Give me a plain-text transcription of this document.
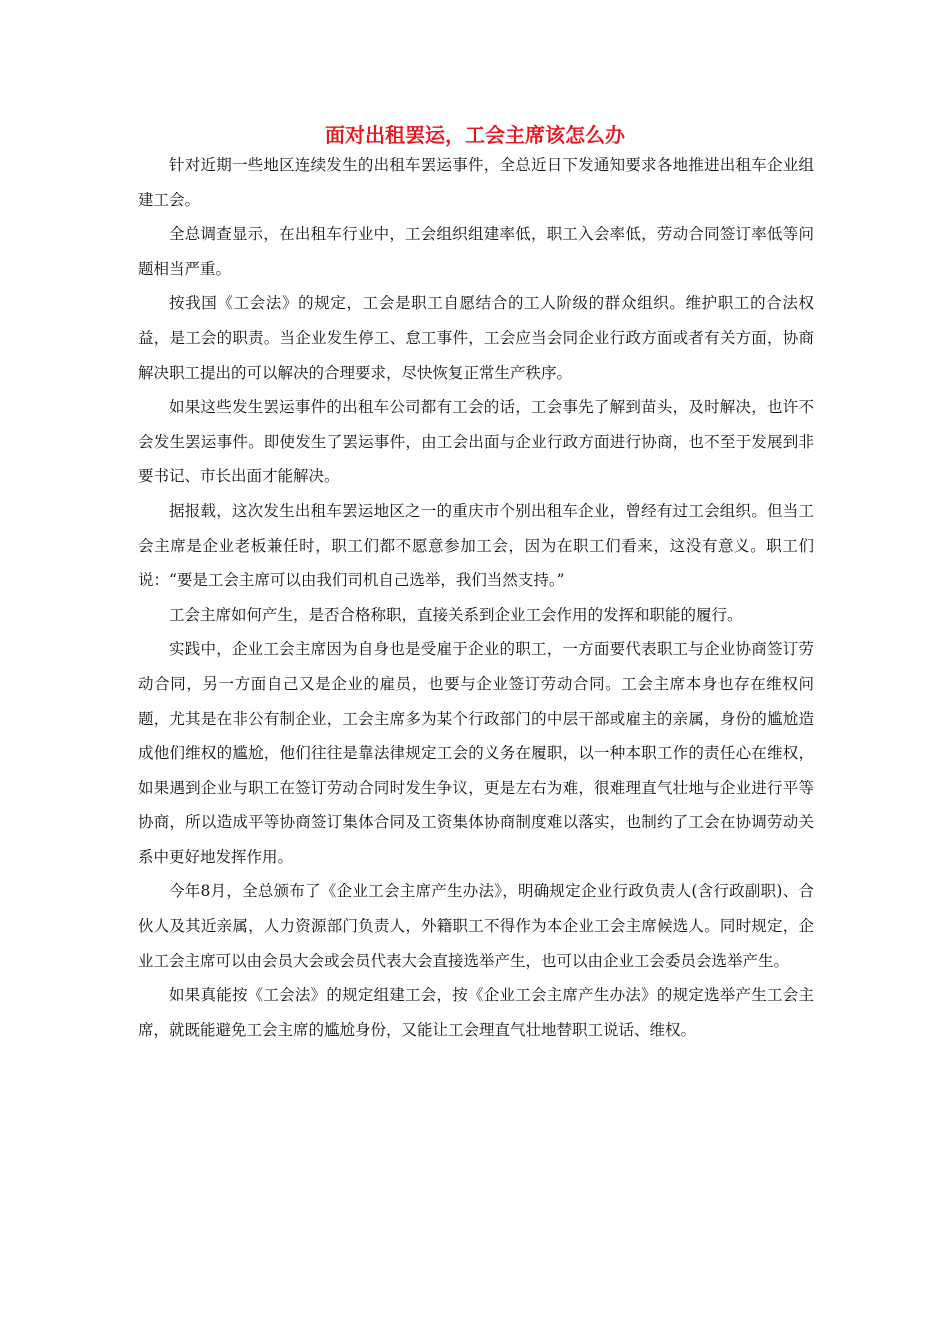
面对出租罢运，工会主席该怎么办

针对近期一些地区连续发生的出租车罢运事件，全总近日下发通知要求各地推进出租车企业组建工会。

全总调查显示，在出租车行业中，工会组织组建率低，职工入会率低，劳动合同签订率低等问题相当严重。

按我国《工会法》的规定，工会是职工自愿结合的工人阶级的群众组织。维护职工的合法权益，是工会的职责。当企业发生停工、怠工事件，工会应当会同企业行政方面或者有关方面，协商解决职工提出的可以解决的合理要求，尽快恢复正常生产秩序。

如果这些发生罢运事件的出租车公司都有工会的话，工会事先了解到苗头，及时解决，也许不会发生罢运事件。即使发生了罢运事件，由工会出面与企业行政方面进行协商，也不至于发展到非要书记、市长出面才能解决。

据报载，这次发生出租车罢运地区之一的重庆市个别出租车企业，曾经有过工会组织。但当工会主席是企业老板兼任时，职工们都不愿意参加工会，因为在职工们看来，这没有意义。职工们说：“要是工会主席可以由我们司机自己选举，我们当然支持。”

工会主席如何产生，是否合格称职，直接关系到企业工会作用的发挥和职能的履行。

实践中，企业工会主席因为自身也是受雇于企业的职工，一方面要代表职工与企业协商签订劳动合同，另一方面自己又是企业的雇员，也要与企业签订劳动合同。工会主席本身也存在维权问题，尤其是在非公有制企业，工会主席多为某个行政部门的中层干部或雇主的亲属，身份的尴尬造成他们维权的尴尬，他们往往是靠法律规定工会的义务在履职，以一种本职工作的责任心在维权，如果遇到企业与职工在签订劳动合同时发生争议，更是左右为难，很难理直气壮地与企业进行平等协商，所以造成平等协商签订集体合同及工资集体协商制度难以落实，也制约了工会在协调劳动关系中更好地发挥作用。

今年8月，全总颁布了《企业工会主席产生办法》，明确规定企业行政负责人(含行政副职)、合伙人及其近亲属，人力资源部门负责人，外籍职工不得作为本企业工会主席候选人。同时规定，企业工会主席可以由会员大会或会员代表大会直接选举产生，也可以由企业工会委员会选举产生。

如果真能按《工会法》的规定组建工会，按《企业工会主席产生办法》的规定选举产生工会主席，就既能避免工会主席的尴尬身份，又能让工会理直气壮地替职工说话、维权。
